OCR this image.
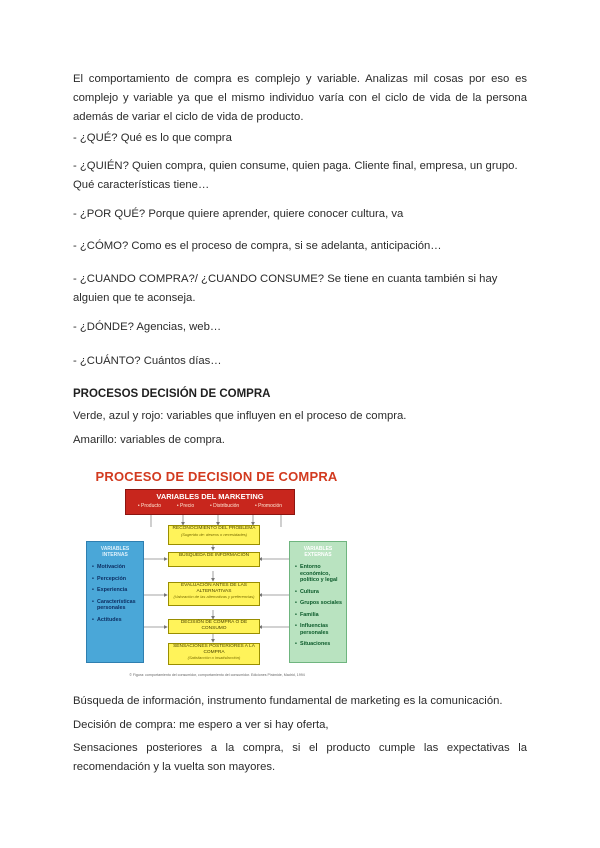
El comportamiento de compra es complejo y variable. Analizas mil cosas por eso es complejo y variable ya que el mismo individuo varía con el ciclo de vida de la persona además de variar el ciclo de vida de producto.

- ¿QUÉ? Qué es lo que compra

- ¿QUIÉN? Quien compra, quien consume, quien paga. Cliente final, empresa, un grupo. Qué características tiene…

- ¿POR QUÉ? Porque quiere aprender, quiere conocer cultura, va

- ¿CÓMO? Como es el proceso de compra, si se adelanta, anticipación…

- ¿CUANDO COMPRA?/ ¿CUANDO CONSUME? Se tiene en cuanta también si hay alguien que te aconseja.

- ¿DÓNDE? Agencias, web…

- ¿CUÁNTO? Cuántos días…

PROCESOS DECISIÓN DE COMPRA

Verde, azul y rojo: variables que influyen en el proceso de compra.

Amarillo: variables de compra.

PROCESO DE DECISION DE COMPRA
VARIABLES DEL MARKETING
• Producto	• Precio	• Distribución	• Promoción
VARIABLES INTERNAS
• Motivación
• Percepción
• Experiencia
• Características personales
• Actitudes
VARIABLES EXTERNAS
• Entorno económico, político y legal
• Cultura
• Grupos sociales
• Familia
• Influencias personales
• Situaciones
RECONOCIMIENTO DEL PROBLEMA
(Sugerido de: deseos o necesidades)
BÚSQUEDA DE INFORMACIÓN
EVALUACIÓN ANTES DE LAS ALTERNATIVAS
(Valoración de las alternativas y preferencias)
DECISIÓN DE COMPRA O DE CONSUMO
SENSACIONES POSTERIORES A LA COMPRA
(Satisfacción o insatisfacción)
© Figura: comportamiento del consumidor, comportamiento del consumidor. Ediciones Pirámide, Madrid, 1994

Búsqueda de información, instrumento fundamental de marketing es la comunicación.

Decisión de compra: me espero a ver si hay oferta,

Sensaciones posteriores a la compra, si el producto cumple las expectativas la recomendación y la vuelta son mayores.
